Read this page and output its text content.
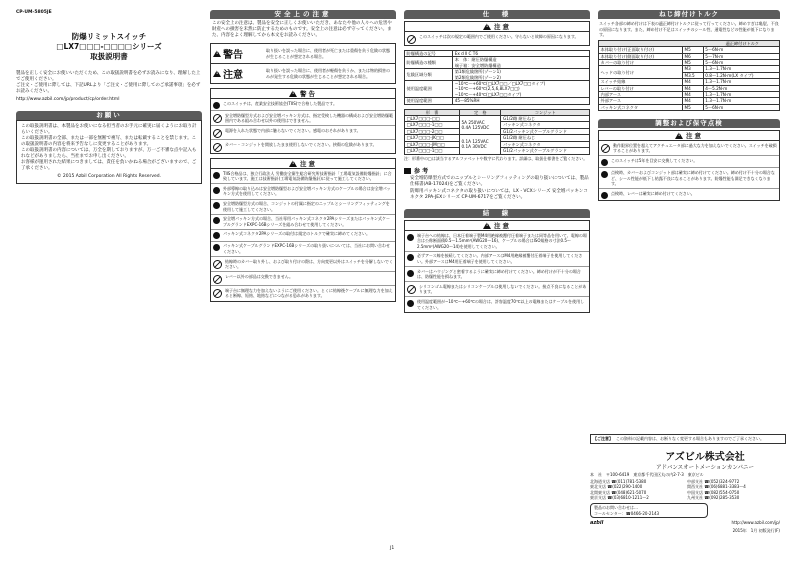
CP-UM-5805JE
防爆リミットスイッチ
□LX7□□□-□□□□シリーズ
取扱説明書
製品を正しく安全にお使いいただくため、この取扱説明書を必ずお読みになり、理解した上でご使用ください。
ご注文・ご使用に際しては、下記URLより「ご注文・ご使用に際してのご承諾事項」を必ずお読みください。
http://www.azbil.com/jp/product/cp/order.html
お願い
この取扱説明書は、本製品をお使いになる担当者のお手元に確実に届くようにお取り計らいください。
この取扱説明書の全部、または一部を無断で複写、または転載することを禁じます。この取扱説明書の内容を将来予告なしに変更することがあります。
この取扱説明書の内容については、万全を期しておりますが、万一ご不審な点や記入もれなどがありましたら、当社までお申し出ください。
お客様が運用された結果につきましては、責任を負いかねる場合がございますので、ご了承ください。
© 2015 Azbil Corporation All Rights Reserved.
安全上の注意
この安全上の注意は、製品を安全に正しくお使いいただき、あなたや他の人々への危害や財産への損害を未然に防止するためのものです。安全上の注意は必ず守ってください。また、内容をよく理解してから本文をお読みください。
!
警告	取り扱いを誤った場合に、使用者が死亡または重傷を負う危険の状態が生じることが想定される場合。
!
注意	取り扱いを誤った場合に、使用者が軽傷を負うか、または物的損害のみが発生する危険の状態が生じることが想定される場合。
!
警告
このスイッチは、産業安全技術協会(TIIS)で合格した製品です。
安全増防爆型方式および安全増パッキン方式は、指定受検した機器の構成および安全増防爆範囲内である組み合わせ以外の使用はできません。
電源を入れた状態で内部に触らないでください。感電のおそれがあります。
カバー・コンジットを開放したまま使用しないでください。挟傷の危険があります。
!
注意
TIIS合格品は、独立行政法人 労働安全衛生総合研究所技術指針「工場電気設備防爆指針」に合致しています。施工は技術指針(工場電気設備防爆指針)に従って施工してください。
外部導線の取り込みは安全増防爆型および安全増パッキン方式のケーブルの場合は安全増パッキン方式を使用してください。
安全増防爆型方式の場合、コンジットの付属に指定のニップルとシーリングフィッティングを使用して施工してください。
安全増パッキン方式の場合、当社専用パッキン式コネクタ2PAシリーズまたはパッキン式ケーブルグランドEXPC-16Bシリーズを組み合わせて使用してください。
パッキン式コネクタ2PAシリーズの取付は規定のトルクで確実に締めてください。
パッキン式ケーブルグランドEXPC-16Bシリーズの取り扱いについては、当社にお問い合わせください。
結線時のカバー取り外し、および取り付けの際は、方向変更以外はスイッチを分解しないでください。
レバー以外の部品は交換できません。
端子台に無理な力を加えないようにご使用ください。とくに結線後ケーブルに無理な力を加えると断線、短絡、地絡などにつながる恐れがあります。
仕　様
!
注意
このスイッチは次の規定の範囲内でご使用ください。守らないと故障の原因になります。
防爆構造の記号	Ex d Ⅱ C T6
防爆構造の種類	本　体：耐圧防爆構造
端子箱：安全増防爆構造
危険区域分類	第1類危険箇所(ゾーン1)
第2類危険箇所(ゾーン2)
使用温度範囲	−10℃〜+60℃(□LX7□□／□LX7□□タイプ)
−10℃〜+60℃(2,5,6,8LX7□□)
−10℃〜+40℃(□LX7□□タイプ)
使用湿度範囲	45〜85%RH
形　番	定　格	コンジット
□LX7□□□-□□	5A 250VAC
0.4A 125VDC	G1/2雌 耐圧ねじ
□LX7□□□-1□□		パッキン式コネクタ
□LX7□□□-2□□		G1/2パッキン式ケーブルグランド
□LX7□□□-JK□□	0.1A 125VAC
0.1A 30VDC	G1/2雌 耐圧ねじ
□LX7□□□-JM□□		パッキン式コネクタ
□LX7□□□-1□□		G1/2パッキン式ケーブルグランド
注：形番中の□は該当するアルファベットや数字に代わります。詳細は、取扱仕様書をご覧ください。
参 考
安全増防爆型方式でのニップルとシーリングフィッティングの取り扱いについては、製品仕様書(AB-17024)をご覧ください。
防爆用パッキン式コネクタの取り扱いについては、LX・VCXシリーズ 安全増パッキンコネクタ 2PA-JEXシリーズ CP-UM-6717をご覧ください。
結　線
!
注意
端子台への結線は、日本圧着端子製M4用絶縁被覆付圧着端子または同等品を用いて、電線の場合は公称断面積0.5〜1.5mm²(AWG20〜16)、ケーブルの場合はISO規格の寸法0.5〜2.5mm²(AWG20〜14)を使用してください。
必ずアース線を接続してください。内部アースはM4用絶縁被覆付圧着端子を使用してください。外部アースはM4用圧着端子を使用してください。
カバーはハウジングと密着するように確実に締め付けてください。締め付けが不十分の場合は、防爆性能を損ねます。
シリコンゴム電線またはシリコンケーブルは使用しないでください。接点不良になることがあります。
使用温度範囲が−10℃〜+60℃の場合は、許容温度70℃以上の電線またはケーブルを使用してください。
ねじ締付けトルク
スイッチ各部の締め付けは下表の適正締付けトルクに従って行ってください。締めすぎは亀裂、不良の原因になります。また、締め付け不足はスイッチのシール性、通電性などの性能が低下になります。
適正締付けトルク		
本体取り付け(正面取り付け)	M5	5〜6N·m
本体取り付け(側面取り付け)	M6	5〜7N·m
カバーの取り付け	M5	5〜6N·m
ヘッドの取り付け	M3	1.3〜1.7N·m
	M3.5	0.8〜1.2N·m(LX タイプ)
スイッチ結線	M4	1.3〜1.7N·m
レバーの取り付け	M4	4〜5.2N·m
内部アース	M4	1.3〜1.7N·m
外部アース	M4	1.3〜1.7N·m
パッキン式コネクタ	M5	5〜6N·m
調整および保守点検
!
注意
動作限界位置を超えてアクチュエータ部に過大な力を加えないでください。スイッチを破損することがあります。
このスイッチは5年を目安に交換してください。
点検時、カバーおよびコンジット部は確実に締め付けてください。締め付け不十分の場合など、シール性能が低下し結露不良になることがあります。防爆性能も満足できなくなります。
点検時、レバーは確実に締め付けてください。
【ご注意】 この資料の記載内容は、お断りなく変更する場合もありますのでご了承ください。
アズビル株式会社
アドバンスオートメーションカンパニー
本　社　〒100-6419　東京都千代田区丸の内2-7-3　東京ビル
北海道支店 ☎(011)781-5380
東北支店 ☎(022)290-1400
北関東支店 ☎(048)621-5070
東京支店 ☎(03)6810-1211〜2
中部支社 ☎(052)324-9772
関西支社 ☎(06)6881-3383〜4
中国支店 ☎(082)554-0750
九州支社 ☎(092)285-3530
製品のお問い合わせは…
コールセンター：☎0466-20-2143
azbil	http://www.azbil.com/jp/
2015年　1月 初版発行(F)
J1
